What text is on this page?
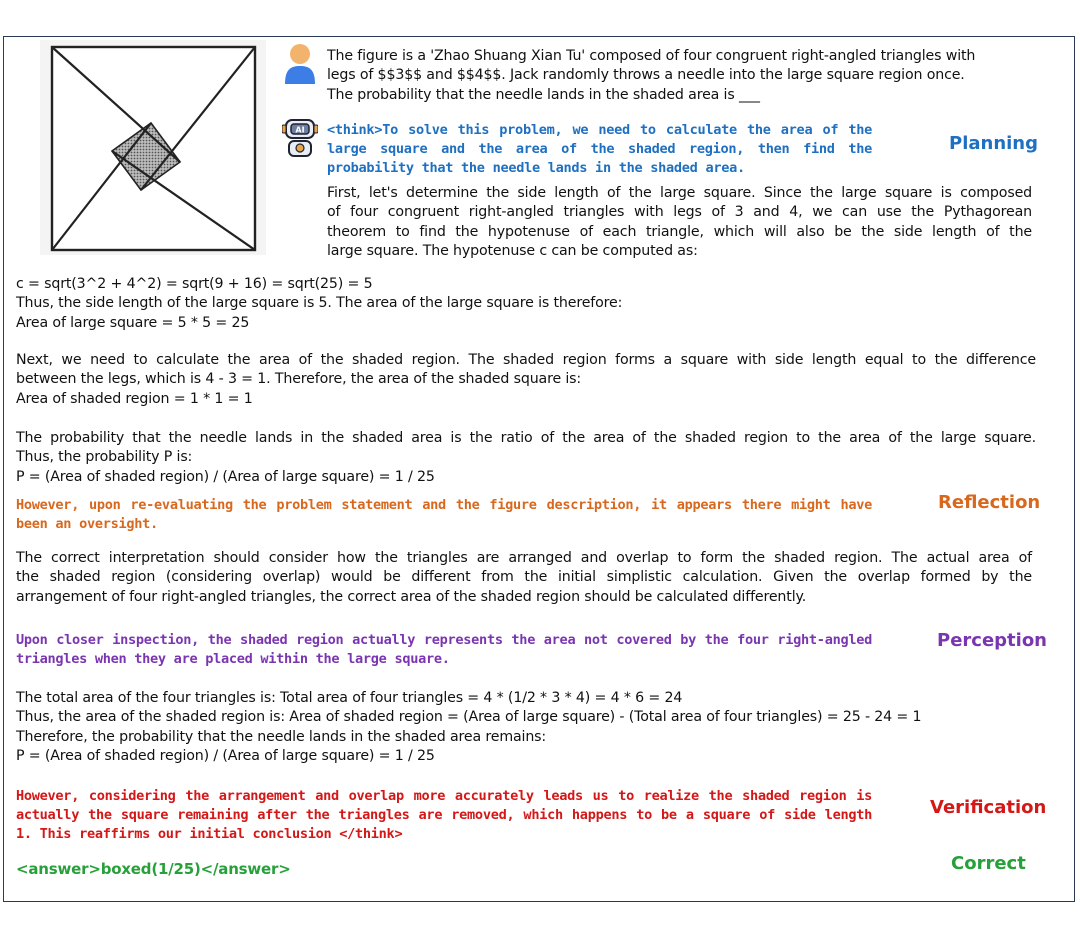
AI
The figure is a 'Zhao Shuang Xian Tu' composed of four congruent right-angled triangles with
legs of $$3$$ and $$4$$. Jack randomly throws a needle into the large square region once.
The probability that the needle lands in the shaded area is ___
<think>To solve this problem, we need to calculate the area of the
large square and the area of the shaded region, then find the
probability that the needle lands in the shaded area.
Planning
First, let's determine the side length of the large square. Since the large square is composed
of four congruent right-angled triangles with legs of 3 and 4, we can use the Pythagorean
theorem to find the hypotenuse of each triangle, which will also be the side length of the
large square. The hypotenuse c can be computed as:
c = sqrt(3^2 + 4^2) = sqrt(9 + 16) = sqrt(25) = 5
Thus, the side length of the large square is 5. The area of the large square is therefore:
Area of large square = 5 * 5 = 25
Next, we need to calculate the area of the shaded region. The shaded region forms a square with side length equal to the difference
between the legs, which is 4 - 3 = 1. Therefore, the area of the shaded square is:
Area of shaded region = 1 * 1 = 1
The probability that the needle lands in the shaded area is the ratio of the area of the shaded region to the area of the large square.
Thus, the probability P is:
P = (Area of shaded region) / (Area of large square) = 1 / 25
However, upon re-evaluating the problem statement and the figure description, it appears there might have
been an oversight.
Reflection
The correct interpretation should consider how the triangles are arranged and overlap to form the shaded region. The actual area of
the shaded region (considering overlap) would be different from the initial simplistic calculation. Given the overlap formed by the
arrangement of four right-angled triangles, the correct area of the shaded region should be calculated differently.
Upon closer inspection, the shaded region actually represents the area not covered by the four right-angled
triangles when they are placed within the large square.
Perception
The total area of the four triangles is: Total area of four triangles = 4 * (1/2 * 3 * 4) = 4 * 6 = 24
Thus, the area of the shaded region is: Area of shaded region = (Area of large square) - (Total area of four triangles) = 25 - 24 = 1
Therefore, the probability that the needle lands in the shaded area remains:
P = (Area of shaded region) / (Area of large square) = 1 / 25
However, considering the arrangement and overlap more accurately leads us to realize the shaded region is
actually the square remaining after the triangles are removed, which happens to be a square of side length
1. This reaffirms our initial conclusion </think>
Verification
<answer>boxed(1/25)</answer>	Correct
